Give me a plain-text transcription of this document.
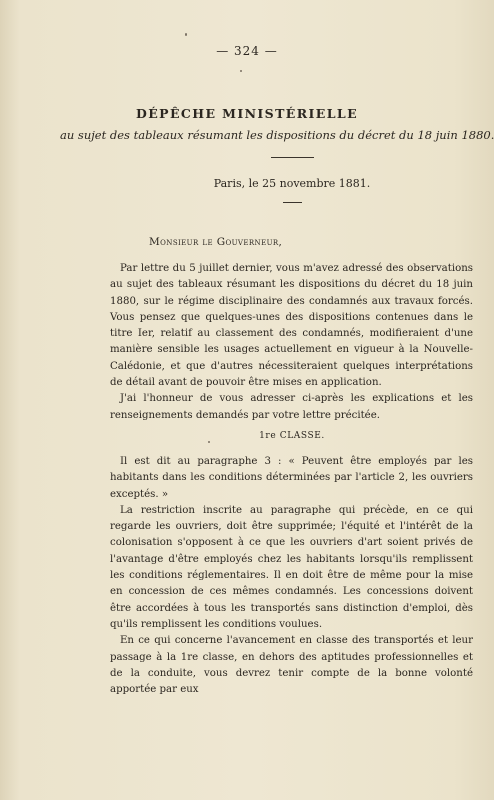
— 324 —
DÉPÊCHE MINISTÉRIELLE
au sujet des tableaux résumant les dispositions du décret du 18 juin 1880.
Paris, le 25 novembre 1881.
Monsieur le Gouverneur,

Par lettre du 5 juillet dernier, vous m'avez adressé des observations au sujet des tableaux résumant les dispositions du décret du 18 juin 1880, sur le régime disciplinaire des condamnés aux travaux forcés. Vous pensez que quelques-unes des dispositions contenues dans le titre Ier, relatif au classement des condamnés, modifieraient d'une manière sensible les usages actuellement en vigueur à la Nouvelle-Calédonie, et que d'autres nécessiteraient quelques interprétations de détail avant de pouvoir être mises en application.

J'ai l'honneur de vous adresser ci-après les explications et les renseignements demandés par votre lettre précitée.

1re CLASSE.

Il est dit au paragraphe 3 : « Peuvent être employés par les habitants dans les conditions déterminées par l'article 2, les ouvriers exceptés. »

La restriction inscrite au paragraphe qui précède, en ce qui regarde les ouvriers, doit être supprimée; l'équité et l'intérêt de la colonisation s'opposent à ce que les ouvriers d'art soient privés de l'avantage d'être employés chez les habitants lorsqu'ils remplissent les conditions réglementaires. Il en doit être de même pour la mise en concession de ces mêmes condamnés. Les concessions doivent être accordées à tous les transportés sans distinction d'emploi, dès qu'ils remplissent les conditions voulues.

En ce qui concerne l'avancement en classe des transportés et leur passage à la 1re classe, en dehors des aptitudes professionnelles et de la conduite, vous devrez tenir compte de la bonne volonté apportée par eux
